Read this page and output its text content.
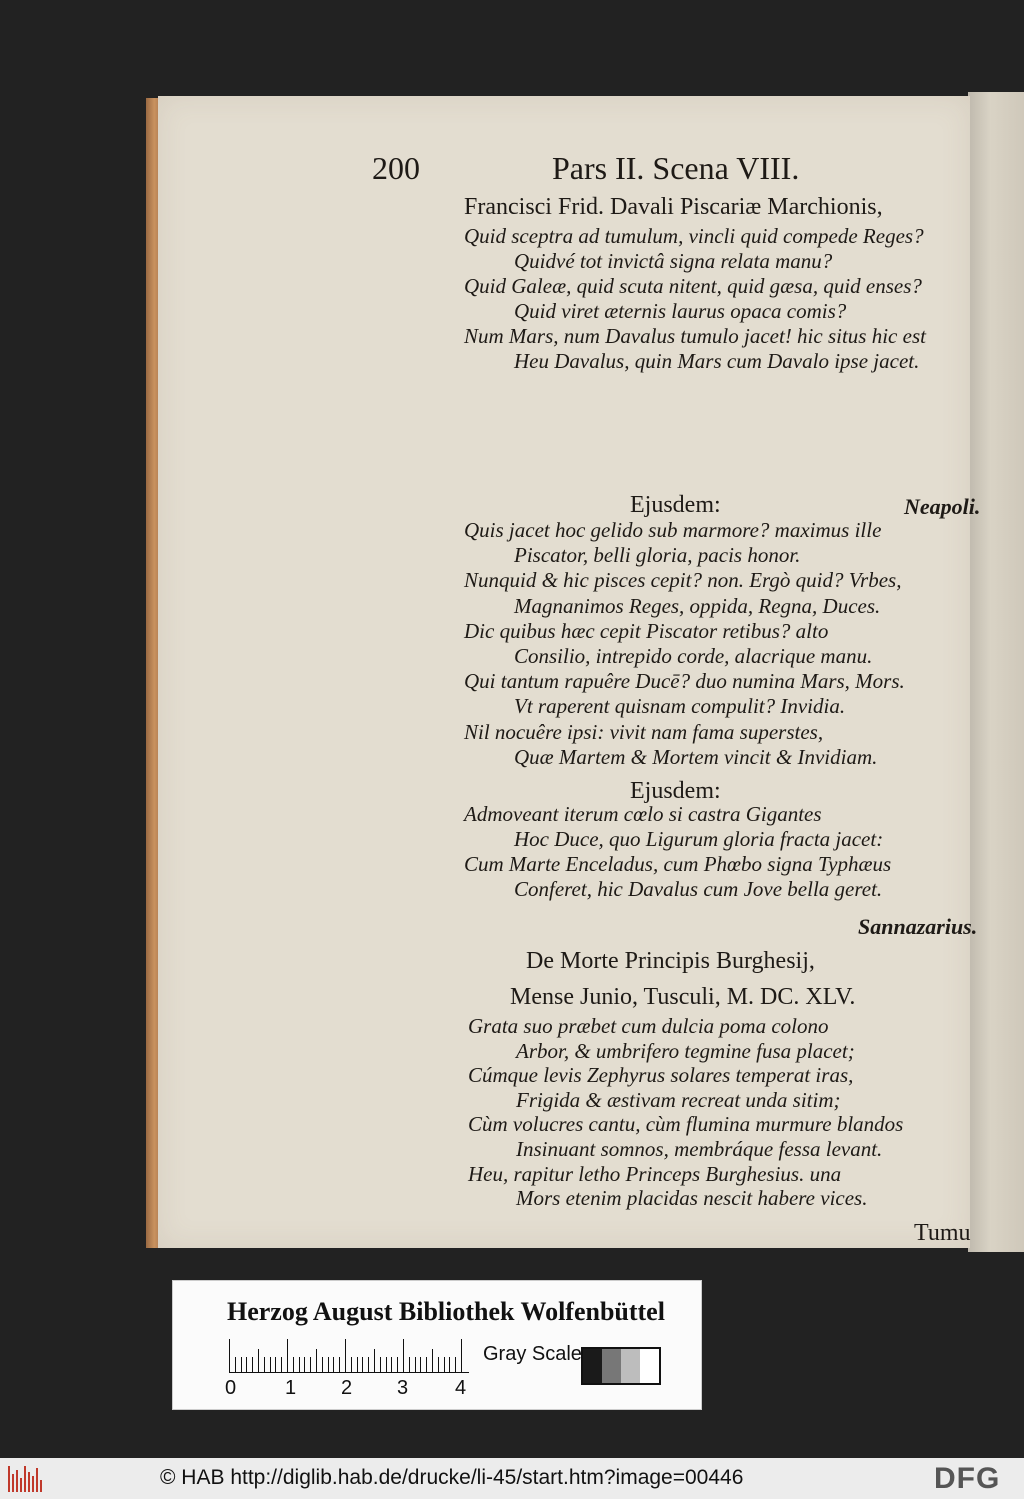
200	Pars II. Scena VIII.
Francisci Frid. Davali Piscariæ Marchionis,
Quid sceptra ad tumulum, vincli quid compede Reges?
Quidvé tot invictâ signa relata manu?
Quid Galeæ, quid scuta nitent, quid gæsa, quid enses?
Quid viret æternis laurus opaca comis?
Num Mars, num Davalus tumulo jacet! hic situs hic est
Heu Davalus, quin Mars cum Davalo ipse jacet.
Ejusdem:	Neapoli.
Quis jacet hoc gelido sub marmore? maximus ille
Piscator, belli gloria, pacis honor.
Nunquid & hic pisces cepit? non. Ergò quid? Vrbes,
Magnanimos Reges, oppida, Regna, Duces.
Dic quibus hæc cepit Piscator retibus? alto
Consilio, intrepido corde, alacrique manu.
Qui tantum rapuêre Ducē? duo numina Mars, Mors.
Vt raperent quisnam compulit? Invidia.
Nil nocuêre ipsi: vivit nam fama superstes,
Quæ Martem & Mortem vincit & Invidiam.
Ejusdem:
Admoveant iterum cœlo si castra Gigantes
Hoc Duce, quo Ligurum gloria fracta jacet:
Cum Marte Enceladus, cum Phœbo signa Typhæus
Conferet, hic Davalus cum Jove bella geret.
Sannazarius.
De Morte Principis Burghesij,
Mense Junio, Tusculi, M. DC. XLV.
Grata suo præbet cum dulcia poma colono
Arbor, & umbrifero tegmine fusa placet;
Cúmque levis Zephyrus solares temperat iras,
Frigida & æstivam recreat unda sitim;
Cùm volucres cantu, cùm flumina murmure blandos
Insinuant somnos, membráque fessa levant.
Heu, rapitur letho Princeps Burghesius. una
Mors etenim placidas nescit habere vices.
Tumu
Herzog August Bibliothek Wolfenbüttel
0 1 2 3 4
Gray Scale
© HAB http://diglib.hab.de/drucke/li-45/start.htm?image=00446	DFG
